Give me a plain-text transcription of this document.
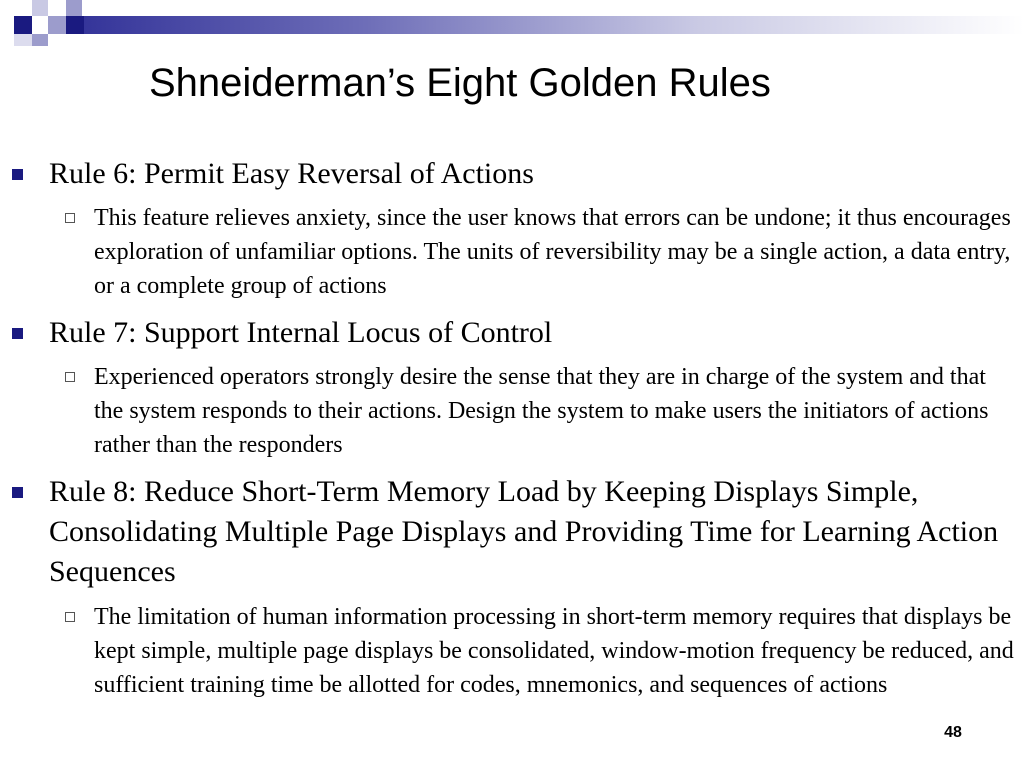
Shneiderman’s Eight Golden Rules
Rule 6: Permit Easy Reversal of Actions
This feature relieves anxiety, since the user knows that errors can be undone; it thus encourages exploration of unfamiliar options. The units of reversibility may be a single action, a data entry, or a complete group of actions
Rule 7: Support Internal Locus of Control
Experienced operators strongly desire the sense that they are in charge of the system and that the system responds to their actions. Design the system to make users the initiators of actions rather than the responders
Rule 8: Reduce Short-Term Memory Load by Keeping Displays Simple, Consolidating Multiple Page Displays and Providing Time for Learning Action Sequences
The limitation of human information processing in short-term memory requires that displays be kept simple, multiple page displays be consolidated, window-motion frequency be reduced, and sufficient training time be allotted for codes, mnemonics, and sequences of actions
48
